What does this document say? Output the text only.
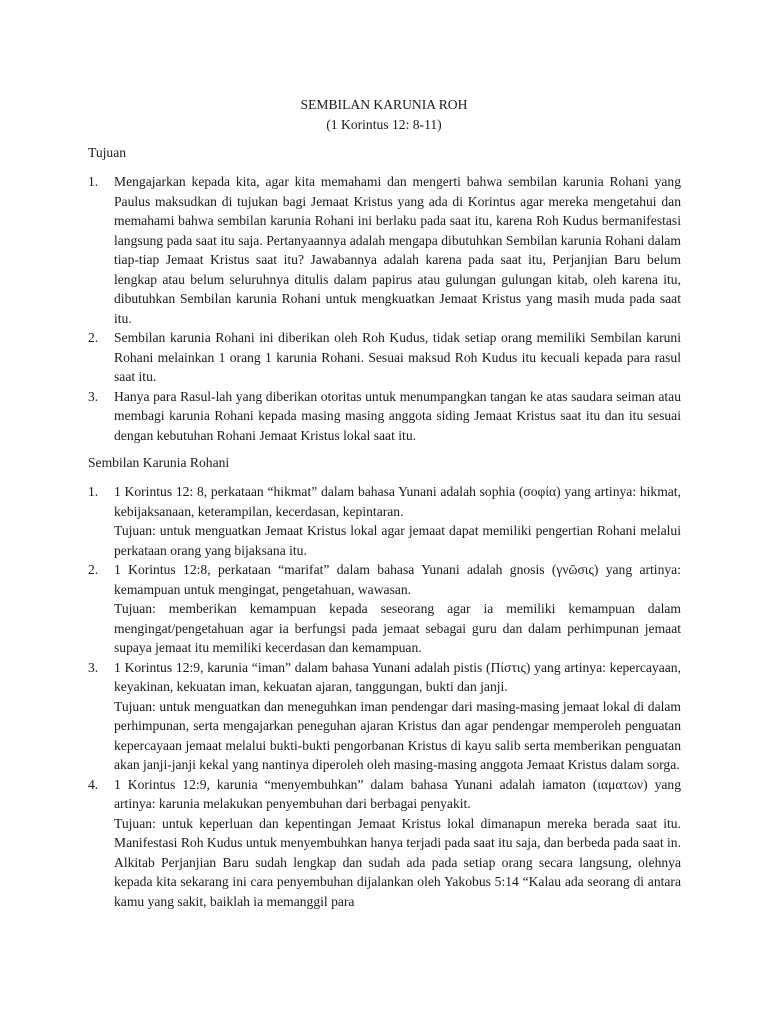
SEMBILAN KARUNIA ROH
(1 Korintus 12: 8-11)
Tujuan
1. Mengajarkan kepada kita, agar kita memahami dan mengerti bahwa sembilan karunia Rohani yang Paulus maksudkan di tujukan bagi Jemaat Kristus yang ada di Korintus agar mereka mengetahui dan memahami bahwa sembilan karunia Rohani ini berlaku pada saat itu, karena Roh Kudus bermanifestasi langsung pada saat itu saja. Pertanyaannya adalah mengapa dibutuhkan Sembilan karunia Rohani dalam tiap-tiap Jemaat Kristus saat itu? Jawabannya adalah karena pada saat itu, Perjanjian Baru belum lengkap atau belum seluruhnya ditulis dalam papirus atau gulungan gulungan kitab, oleh karena itu, dibutuhkan Sembilan karunia Rohani untuk mengkuatkan Jemaat Kristus yang masih muda pada saat itu.
2. Sembilan karunia Rohani ini diberikan oleh Roh Kudus, tidak setiap orang memiliki Sembilan karuni Rohani melainkan 1 orang 1 karunia Rohani. Sesuai maksud Roh Kudus itu kecuali kepada para rasul saat itu.
3. Hanya para Rasul-lah yang diberikan otoritas untuk menumpangkan tangan ke atas saudara seiman atau membagi karunia Rohani kepada masing masing anggota siding Jemaat Kristus saat itu dan itu sesuai dengan kebutuhan Rohani Jemaat Kristus lokal saat itu.
Sembilan Karunia Rohani
1. 1 Korintus 12: 8, perkataan “hikmat” dalam bahasa Yunani adalah sophia (σοφία) yang artinya: hikmat, kebijaksanaan, keterampilan, kecerdasan, kepintaran.
Tujuan: untuk menguatkan Jemaat Kristus lokal agar jemaat dapat memiliki pengertian Rohani melalui perkataan orang yang bijaksana itu.
2. 1 Korintus 12:8, perkataan “marifat” dalam bahasa Yunani adalah gnosis (γνῶσις) yang artinya: kemampuan untuk mengingat, pengetahuan, wawasan.
Tujuan: memberikan kemampuan kepada seseorang agar ia memiliki kemampuan dalam mengingat/pengetahuan agar ia berfungsi pada jemaat sebagai guru dan dalam perhimpunan jemaat supaya jemaat itu memiliki kecerdasan dan kemampuan.
3. 1 Korintus 12:9, karunia “iman” dalam bahasa Yunani adalah pistis (Πίστις) yang artinya: kepercayaan, keyakinan, kekuatan iman, kekuatan ajaran, tanggungan, bukti dan janji.
Tujuan: untuk menguatkan dan meneguhkan iman pendengar dari masing-masing jemaat lokal di dalam perhimpunan, serta mengajarkan peneguhan ajaran Kristus dan agar pendengar memperoleh penguatan kepercayaan jemaat melalui bukti-bukti pengorbanan Kristus di kayu salib serta memberikan penguatan akan janji-janji kekal yang nantinya diperoleh oleh masing-masing anggota Jemaat Kristus dalam sorga.
4. 1 Korintus 12:9, karunia “menyembuhkan” dalam bahasa Yunani adalah iamaton (ιαματων) yang artinya: karunia melakukan penyembuhan dari berbagai penyakit.
Tujuan: untuk keperluan dan kepentingan Jemaat Kristus lokal dimanapun mereka berada saat itu. Manifestasi Roh Kudus untuk menyembuhkan hanya terjadi pada saat itu saja, dan berbeda pada saat in. Alkitab Perjanjian Baru sudah lengkap dan sudah ada pada setiap orang secara langsung, olehnya kepada kita sekarang ini cara penyembuhan dijalankan oleh Yakobus 5:14 “Kalau ada seorang di antara kamu yang sakit, baiklah ia memanggil para
